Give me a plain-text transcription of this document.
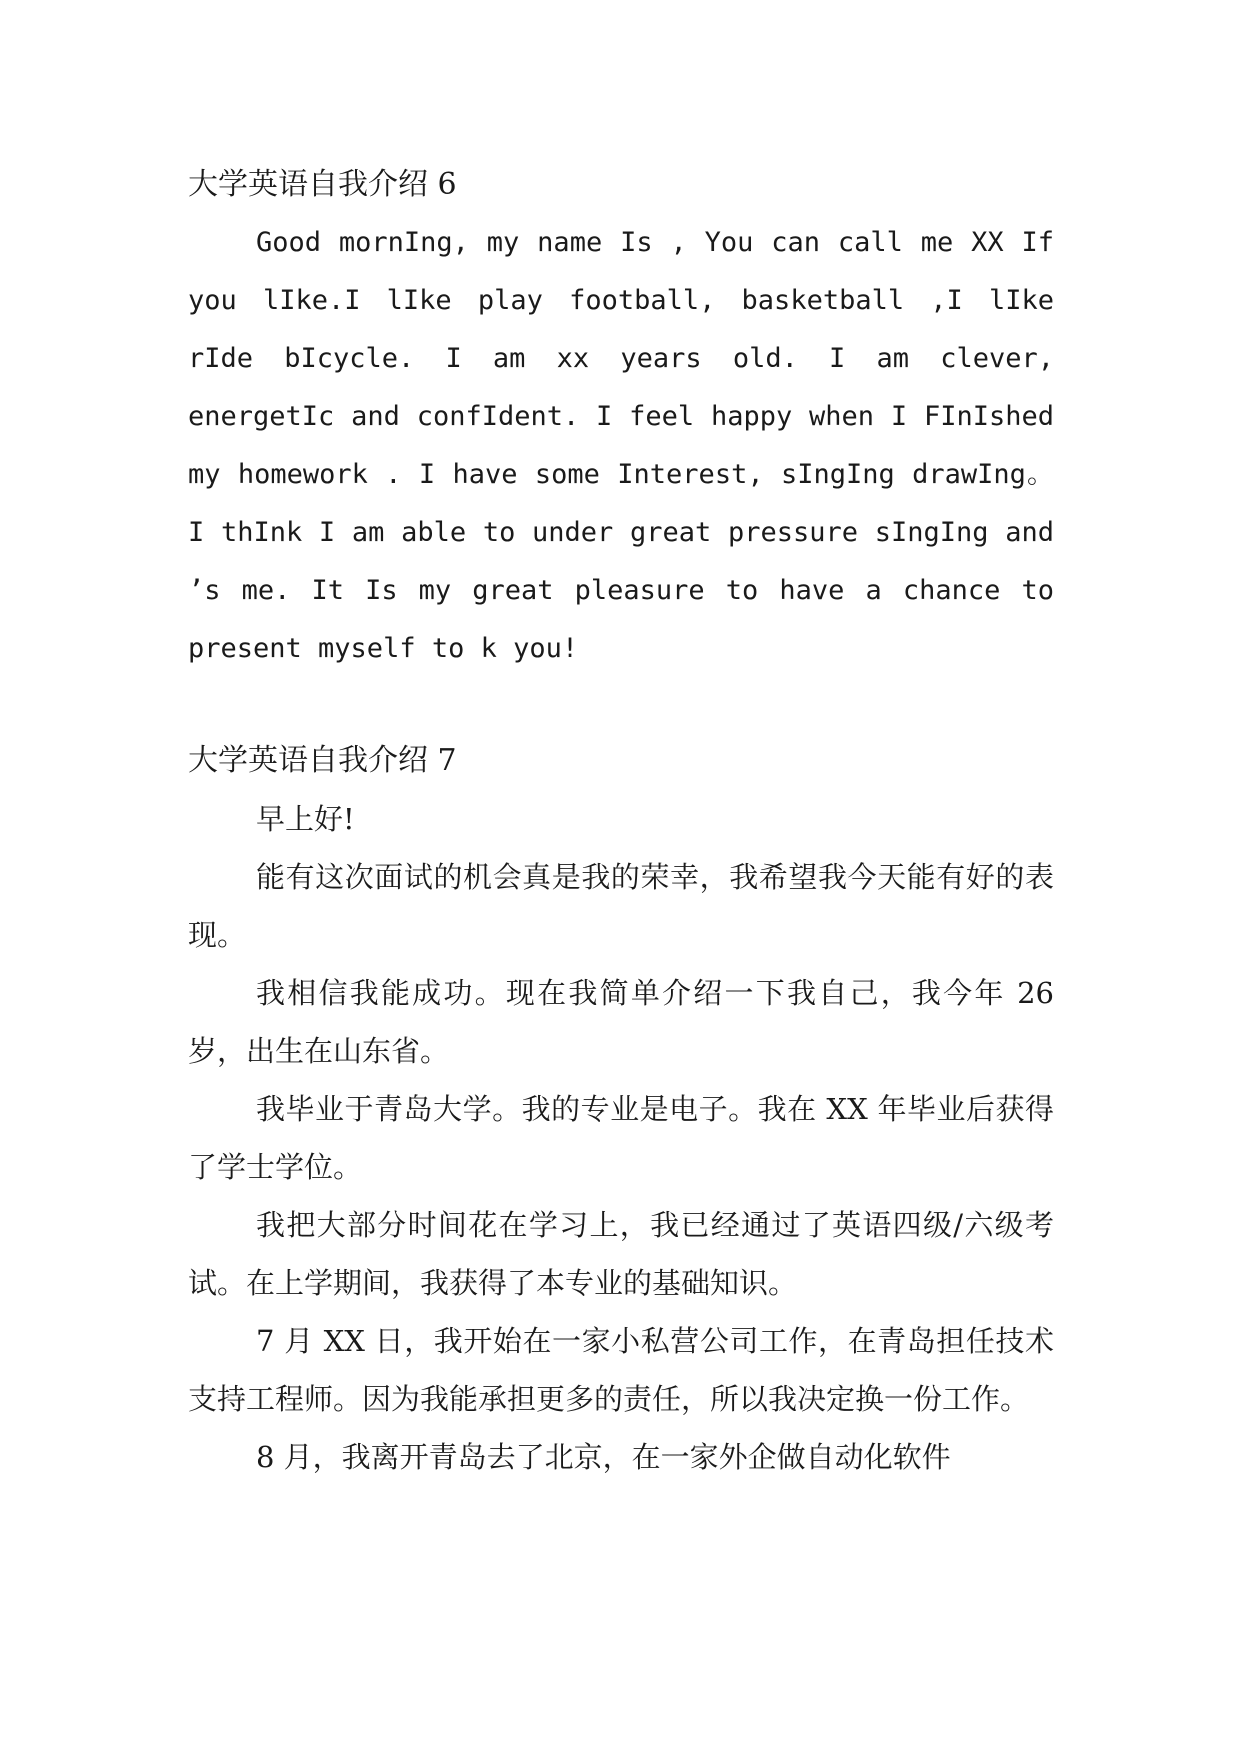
大学英语自我介绍 6

Good mornIng, my name Is , You can call me XX If you lIke.I lIke play football, basketball ,I lIke rIde bIcycle. I am xx years old. I am clever, energetIc and confIdent. I feel happy when I FInIshed my homework . I have some Interest, sIngIng drawIng。 I thInk I am able to under great pressure sIngIng and ’s me. It Is my great pleasure to have a chance to present myself to k you!

大学英语自我介绍 7

早上好!

能有这次面试的机会真是我的荣幸，我希望我今天能有好的表现。

我相信我能成功。现在我简单介绍一下我自己，我今年 26 岁，出生在山东省。

我毕业于青岛大学。我的专业是电子。我在 XX 年毕业后获得了学士学位。

我把大部分时间花在学习上，我已经通过了英语四级/六级考试。在上学期间，我获得了本专业的基础知识。

7 月 XX 日，我开始在一家小私营公司工作，在青岛担任技术支持工程师。因为我能承担更多的责任，所以我决定换一份工作。

8 月，我离开青岛去了北京，在一家外企做自动化软件
